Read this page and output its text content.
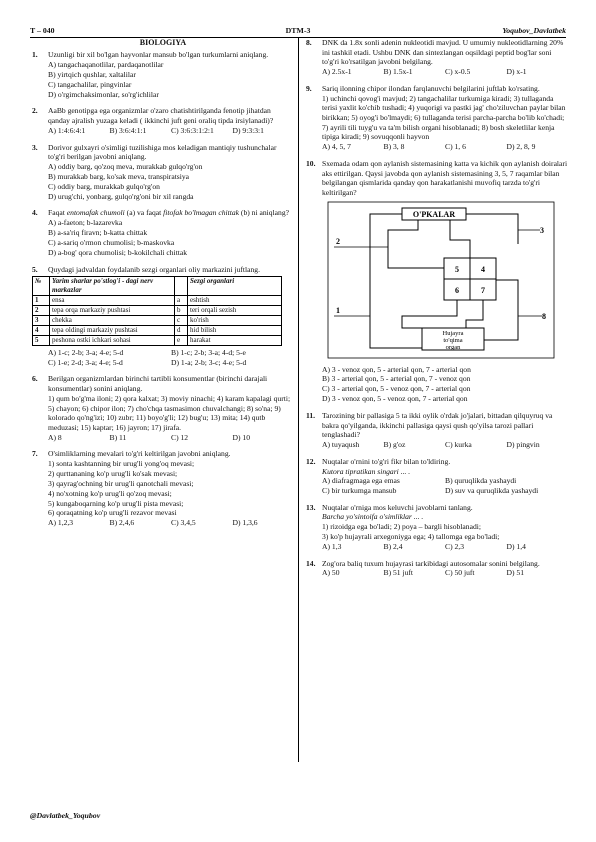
DTM-3
T – 040	Yoqubov_Davlatbek
BIOLOGIYA
1.	Uzunligi bir xil bo'lgan hayvonlar mansub bo'lgan turkumlarni aniqlang.
A) tangachaqanotlilar, pardaqanotlilar
B) yirtqich qushlar, xaltalilar
C) tangachalilar, pingvinlar
D) o'rgimchaksimonlar, so'rg'ichlilar
2.	AaBb genotipga ega organizmlar o'zaro chatishtirilganda fenotip jihatdan qanday ajralish yuzaga keladi ( ikkinchi juft geni oraliq tipda irsiylanadi)?
A) 1:4:6:4:1	B) 3:6:4:1:1	C) 3:6:3:1:2:1	D) 9:3:3:1
3.	Dorivor gulxayri o'simligi tuzilishiga mos keladigan mantiqiy tushunchalar to'g'ri berilgan javobni aniqlang.
A) oddiy barg, qo'zoq meva, murakkab gulqo'rg'on
B) murakkab barg, ko'sak meva, transpiratsiya
C) oddiy barg, murakkab gulqo'rg'on
D) urug'chi, yonbarg, gulqo'rg'oni bir xil rangda
4.	Faqat entomafak chumoli (a) va faqat fitofak bo'lmagan chittak (b) ni aniqlang?
A) a-faeton; b-lazarevka
B) a-sa'riq firavn; b-katta chittak
C) a-sariq o'rmon chumolisi; b-maskovka
D) a-bog' qora chumolisi; b-kokilchali chittak
5.	Quydagi jadvaldan foydalanib sezgi organlari oliy markazini juftlang.
№	Yarim sharlar po'stlog'i - dagi nerv markazlar		Sezgi organlari
1	ensa	a	eshtish
2	tepa orqa markaziy pushtasi	b	teri orqali sezish
3	chekka	c	ko'rish
4	tepa oldingi markaziy pushtasi	d	hid bilish
5	peshona ostki ichkari sohasi	e	harakat
A) 1-c; 2-b; 3-a; 4-e; 5-d	B) 1-c; 2-b; 3-a; 4-d; 5-e
C) 1-e; 2-d; 3-a; 4-e; 5-d	D) 1-a; 2-b; 3-c; 4-e; 5-d
6.	Berilgan organizmlardan birinchi tartibli konsumentlar (birinchi darajali konsumentlar) sonini aniqlang.
1) qum bo'g'ma iloni; 2) qora kalxat; 3) moviy ninachi; 4) karam kapalagi qurti; 5) chayon; 6) chipor ilon; 7) cho'chqa tasmasimon chuvalchangi; 8) so'na; 9) kolorado qo'ng'izi; 10) zubr; 11) boyo'g'li; 12) bug'u; 13) mita; 14) qutb meduzasi; 15) kaptar; 16) jayron; 17) jirafa.
A) 8	B) 11	C) 12	D) 10
7.	O'simliklarning mevalari to'g'ri keltirilgan javobni aniqlang.
1) sonta kashtanning bir urug'li yong'oq mevasi;
2) qurttananing ko'p urug'li ko'sak mevasi;
3) qayrag'ochning bir urug'li qanotchali mevasi;
4) no'xotning ko'p urug'li qo'zoq mevasi;
5) kungaboqarning ko'p urug'li pista mevasi;
6) qoraqatning ko'p urug'li rezavor mevasi
A) 1,2,3	B) 2,4,6	C) 3,4,5	D) 1,3,6
8.	DNK da 1.8x sonli adenin nukleotidi mavjud. U umumiy nukleotidlarning 20% ini tashkil etadi. Ushbu DNK dan sintezlangan oqsildagi peptid bog'lar soni to'g'ri ko'rsatilgan javobni belgilang.
A) 2.5x-1	B) 1.5x-1	C) x-0.5	D) x-1
9.	Sariq ilonning chipor ilondan farqlanuvchi belgilarini juftlab ko'rsating.
1) uchinchi qovog'i mavjud; 2) tangachalilar turkumiga kiradi; 3) tullaganda terisi yaxlit ko'chib tushadi; 4) yuqorigi va pastki jag' cho'ziluvchan paylar bilan birikkan; 5) oyog'i bo'lmaydi; 6) tullaganda terisi parcha-parcha bo'lib ko'chadi; 7) ayrili tili tuyg'u va ta'm bilish organi hisoblanadi; 8) bosh skeletlilar kenja tipiga kiradi; 9) sovuqqonli hayvon
A) 4, 5, 7	B) 3, 8	C) 1, 6	D) 2, 8, 9
10. Sxemada odam qon aylanish sistemasining katta va kichik qon aylanish doiralari aks ettirilgan. Qaysi javobda qon aylanish sistemasining 3, 5, 7 raqamlar bilan belgilangan qismlarida qanday qon harakatlanishi muvofiq tarzda to'g'ri keltirilgan?
O'PKALAR
5	4
6	7
Hujayra
to'qima
organ
2
3
1
8
A) 3 - venoz qon, 5 - arterial qon, 7 - arterial qon
B) 3 - arterial qon, 5 - arterial qon, 7 - venoz qon
C) 3 - arterial qon, 5 - venoz qon, 7 - arterial qon
D) 3 - venoz qon, 5 - venoz qon, 7 - arterial qon
11. Tarozining bir pallasiga 5 ta ikki oylik o'rdak jo'jalari, bittadan qilquyruq va bakra qo'yilganda, ikkinchi pallasiga qaysi qush qo'yilsa tarozi pallari tenglashadi?
A) tuyaqush	B) g'oz	C) kurka	D) pingvin
12. Nuqtalar o'rnini to'g'ri fikr bilan to'ldiring.
Kutora tipratikan singari ... .
A) diafragmaga ega emas	B) quruqlikda yashaydi
C) bir turkumga mansub	D) suv va quruqlikda yashaydi
13. Nuqtalar o'rniga mos keluvchi javoblarni tanlang.
Barcha yo'sintoifa o'simliklar ... .
1) rizoidga ega bo'ladi; 2) poya – bargli hisoblanadi;
3) ko'p hujayrali arxegoniyga ega; 4) tallomga ega bo'ladi;
A) 1,3	B) 2,4	C) 2,3	D) 1,4
14. Zog'ora baliq tuxum hujayrasi tarkibidagi autosomalar sonini belgilang.
A) 50	B) 51 juft	C) 50 juft	D) 51
@Davlatbek_Yoqubov
